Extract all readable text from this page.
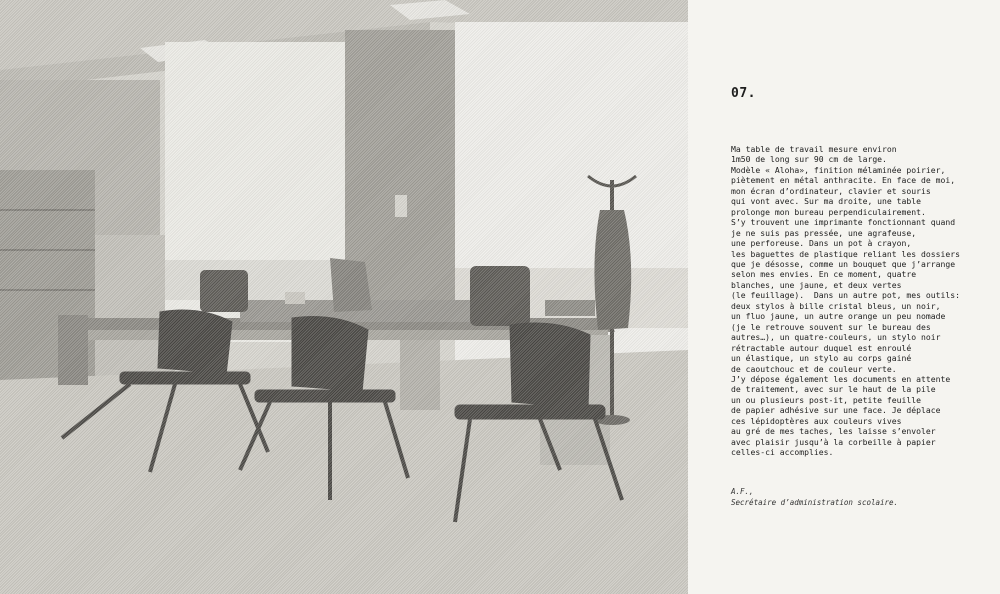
07.

Ma table de travail mesure environ
1m50 de long sur 90 cm de large.
Modèle « Aloha», finition mélaminée poirier,
piètement en métal anthracite. En face de moi,
mon écran d’ordinateur, clavier et souris
qui vont avec. Sur ma droite, une table
prolonge mon bureau perpendiculairement.
S’y trouvent une imprimante fonctionnant quand
je ne suis pas pressée, une agrafeuse,
une perforeuse. Dans un pot à crayon,
les baguettes de plastique reliant les dossiers
que je désosse, comme un bouquet que j’arrange
selon mes envies. En ce moment, quatre
blanches, une jaune, et deux vertes
(le feuillage).  Dans un autre pot, mes outils:
deux stylos à bille cristal bleus, un noir,
un fluo jaune, un autre orange un peu nomade
(je le retrouve souvent sur le bureau des
autres…), un quatre-couleurs, un stylo noir
rétractable autour duquel est enroulé
un élastique, un stylo au corps gainé
de caoutchouc et de couleur verte.
J’y dépose également les documents en attente
de traitement, avec sur le haut de la pile
un ou plusieurs post-it, petite feuille
de papier adhésive sur une face. Je déplace
ces lépidoptères aux couleurs vives
au gré de mes taches, les laisse s’envoler
avec plaisir jusqu’à la corbeille à papier
celles-ci accomplies.

A.F.,
Secrétaire d’administration scolaire.
